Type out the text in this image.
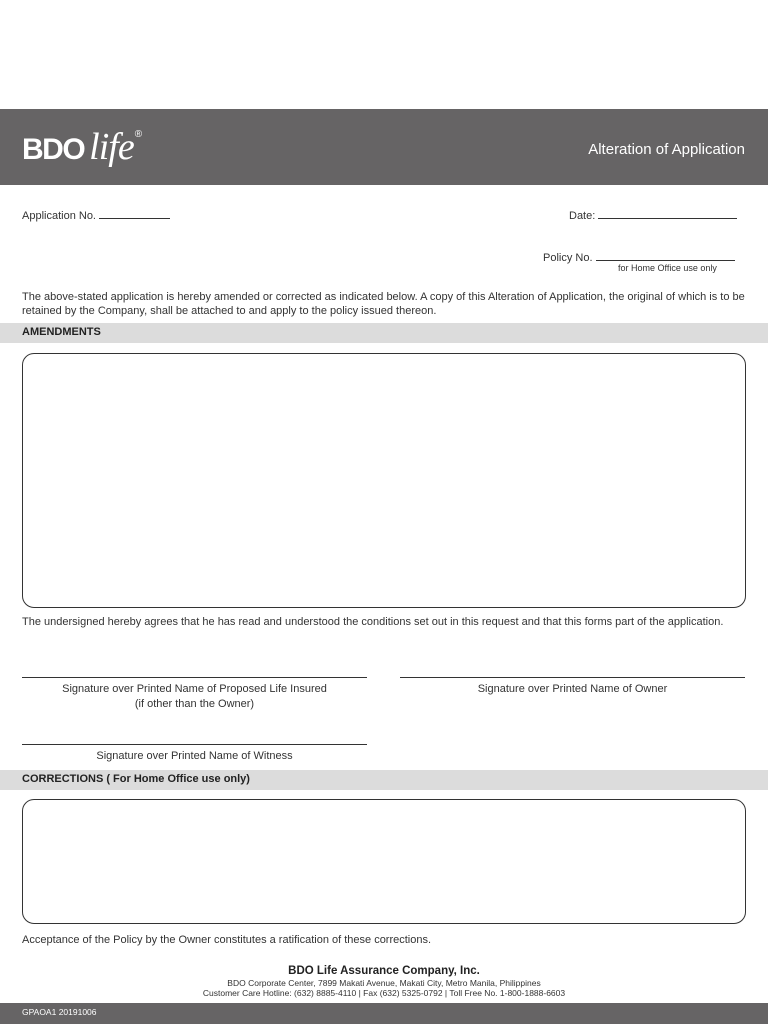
BDO life®
Alteration of Application
Application No.	Date:
Policy No.
for Home Office use only
The above-stated application is hereby amended or corrected as indicated below. A copy of this Alteration of Application, the original of which is to be retained by the Company, shall be attached to and apply to the policy issued thereon.
AMENDMENTS
The undersigned hereby agrees that he has read and understood the conditions set out in this request and that this forms part of the application.
Signature over Printed Name of Proposed Life Insured
(if other than the Owner)
Signature over Printed Name of Owner
Signature over Printed Name of Witness
CORRECTIONS ( For Home Office use only)
Acceptance of the Policy by the Owner constitutes a ratification of these corrections.
BDO Life Assurance Company, Inc.
BDO Corporate Center, 7899 Makati Avenue, Makati City, Metro Manila, Philippines
Customer Care Hotline: (632) 8885-4110 | Fax (632) 5325-0792 | Toll Free No. 1-800-1888-6603
GPAOA1 20191006
